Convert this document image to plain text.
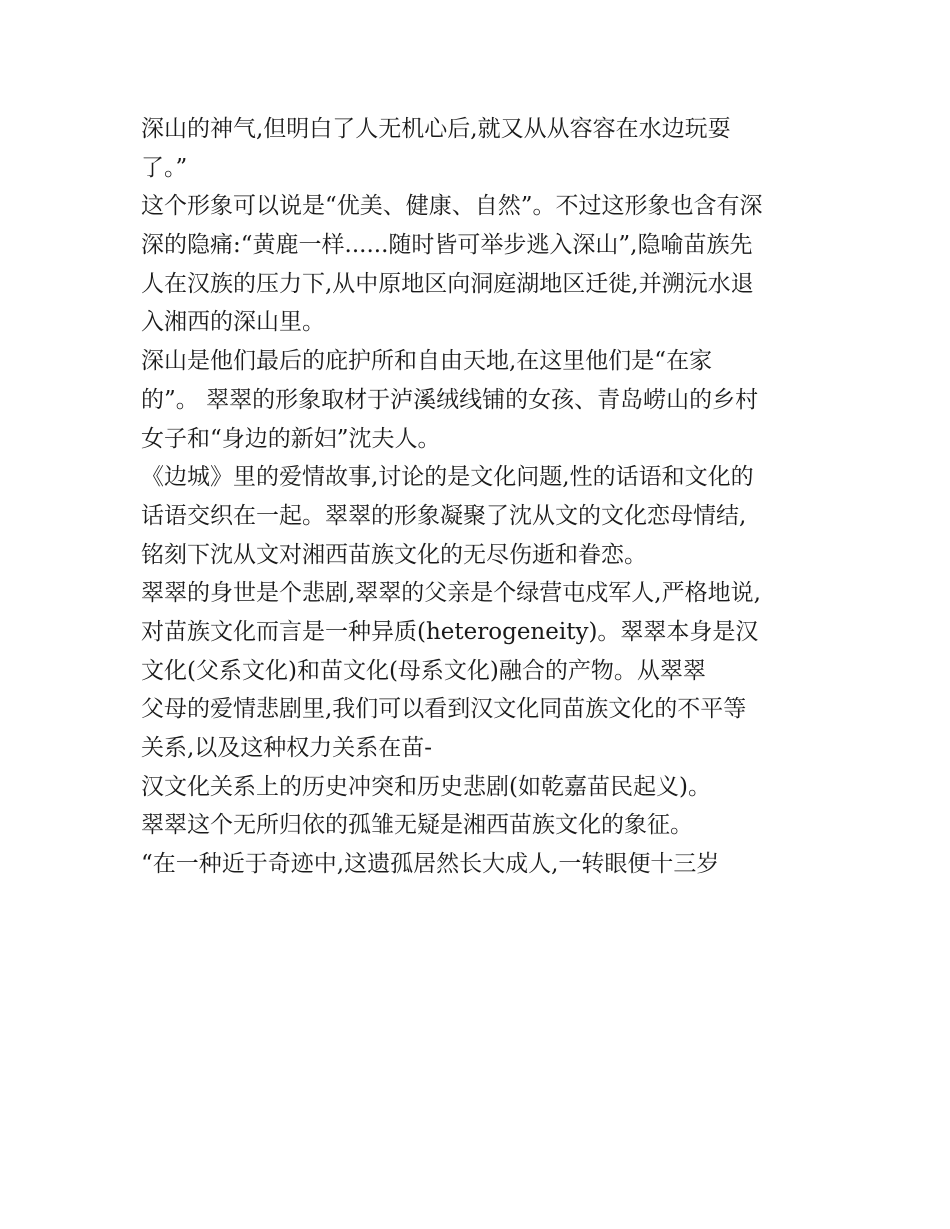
深山的神气,但明白了人无机心后,就又从从容容在水边玩耍
了。”
这个形象可以说是“优美、健康、自然”。不过这形象也含有深
深的隐痛:“黄鹿一样......随时皆可举步逃入深山”,隐喻苗族先
人在汉族的压力下,从中原地区向洞庭湖地区迁徙,并溯沅水退
入湘西的深山里。
深山是他们最后的庇护所和自由天地,在这里他们是“在家
的”。 翠翠的形象取材于泸溪绒线铺的女孩、青岛崂山的乡村
女子和“身边的新妇”沈夫人。
《边城》里的爱情故事,讨论的是文化问题,性的话语和文化的
话语交织在一起。翠翠的形象凝聚了沈从文的文化恋母情结,
铭刻下沈从文对湘西苗族文化的无尽伤逝和眷恋。
翠翠的身世是个悲剧,翠翠的父亲是个绿营屯戍军人,严格地说,
对苗族文化而言是一种异质(heterogeneity)。翠翠本身是汉
文化(父系文化)和苗文化(母系文化)融合的产物。从翠翠
父母的爱情悲剧里,我们可以看到汉文化同苗族文化的不平等
关系,以及这种权力关系在苗-
汉文化关系上的历史冲突和历史悲剧(如乾嘉苗民起义)。
翠翠这个无所归依的孤雏无疑是湘西苗族文化的象征。
“在一种近于奇迹中,这遗孤居然长大成人,一转眼便十三岁
